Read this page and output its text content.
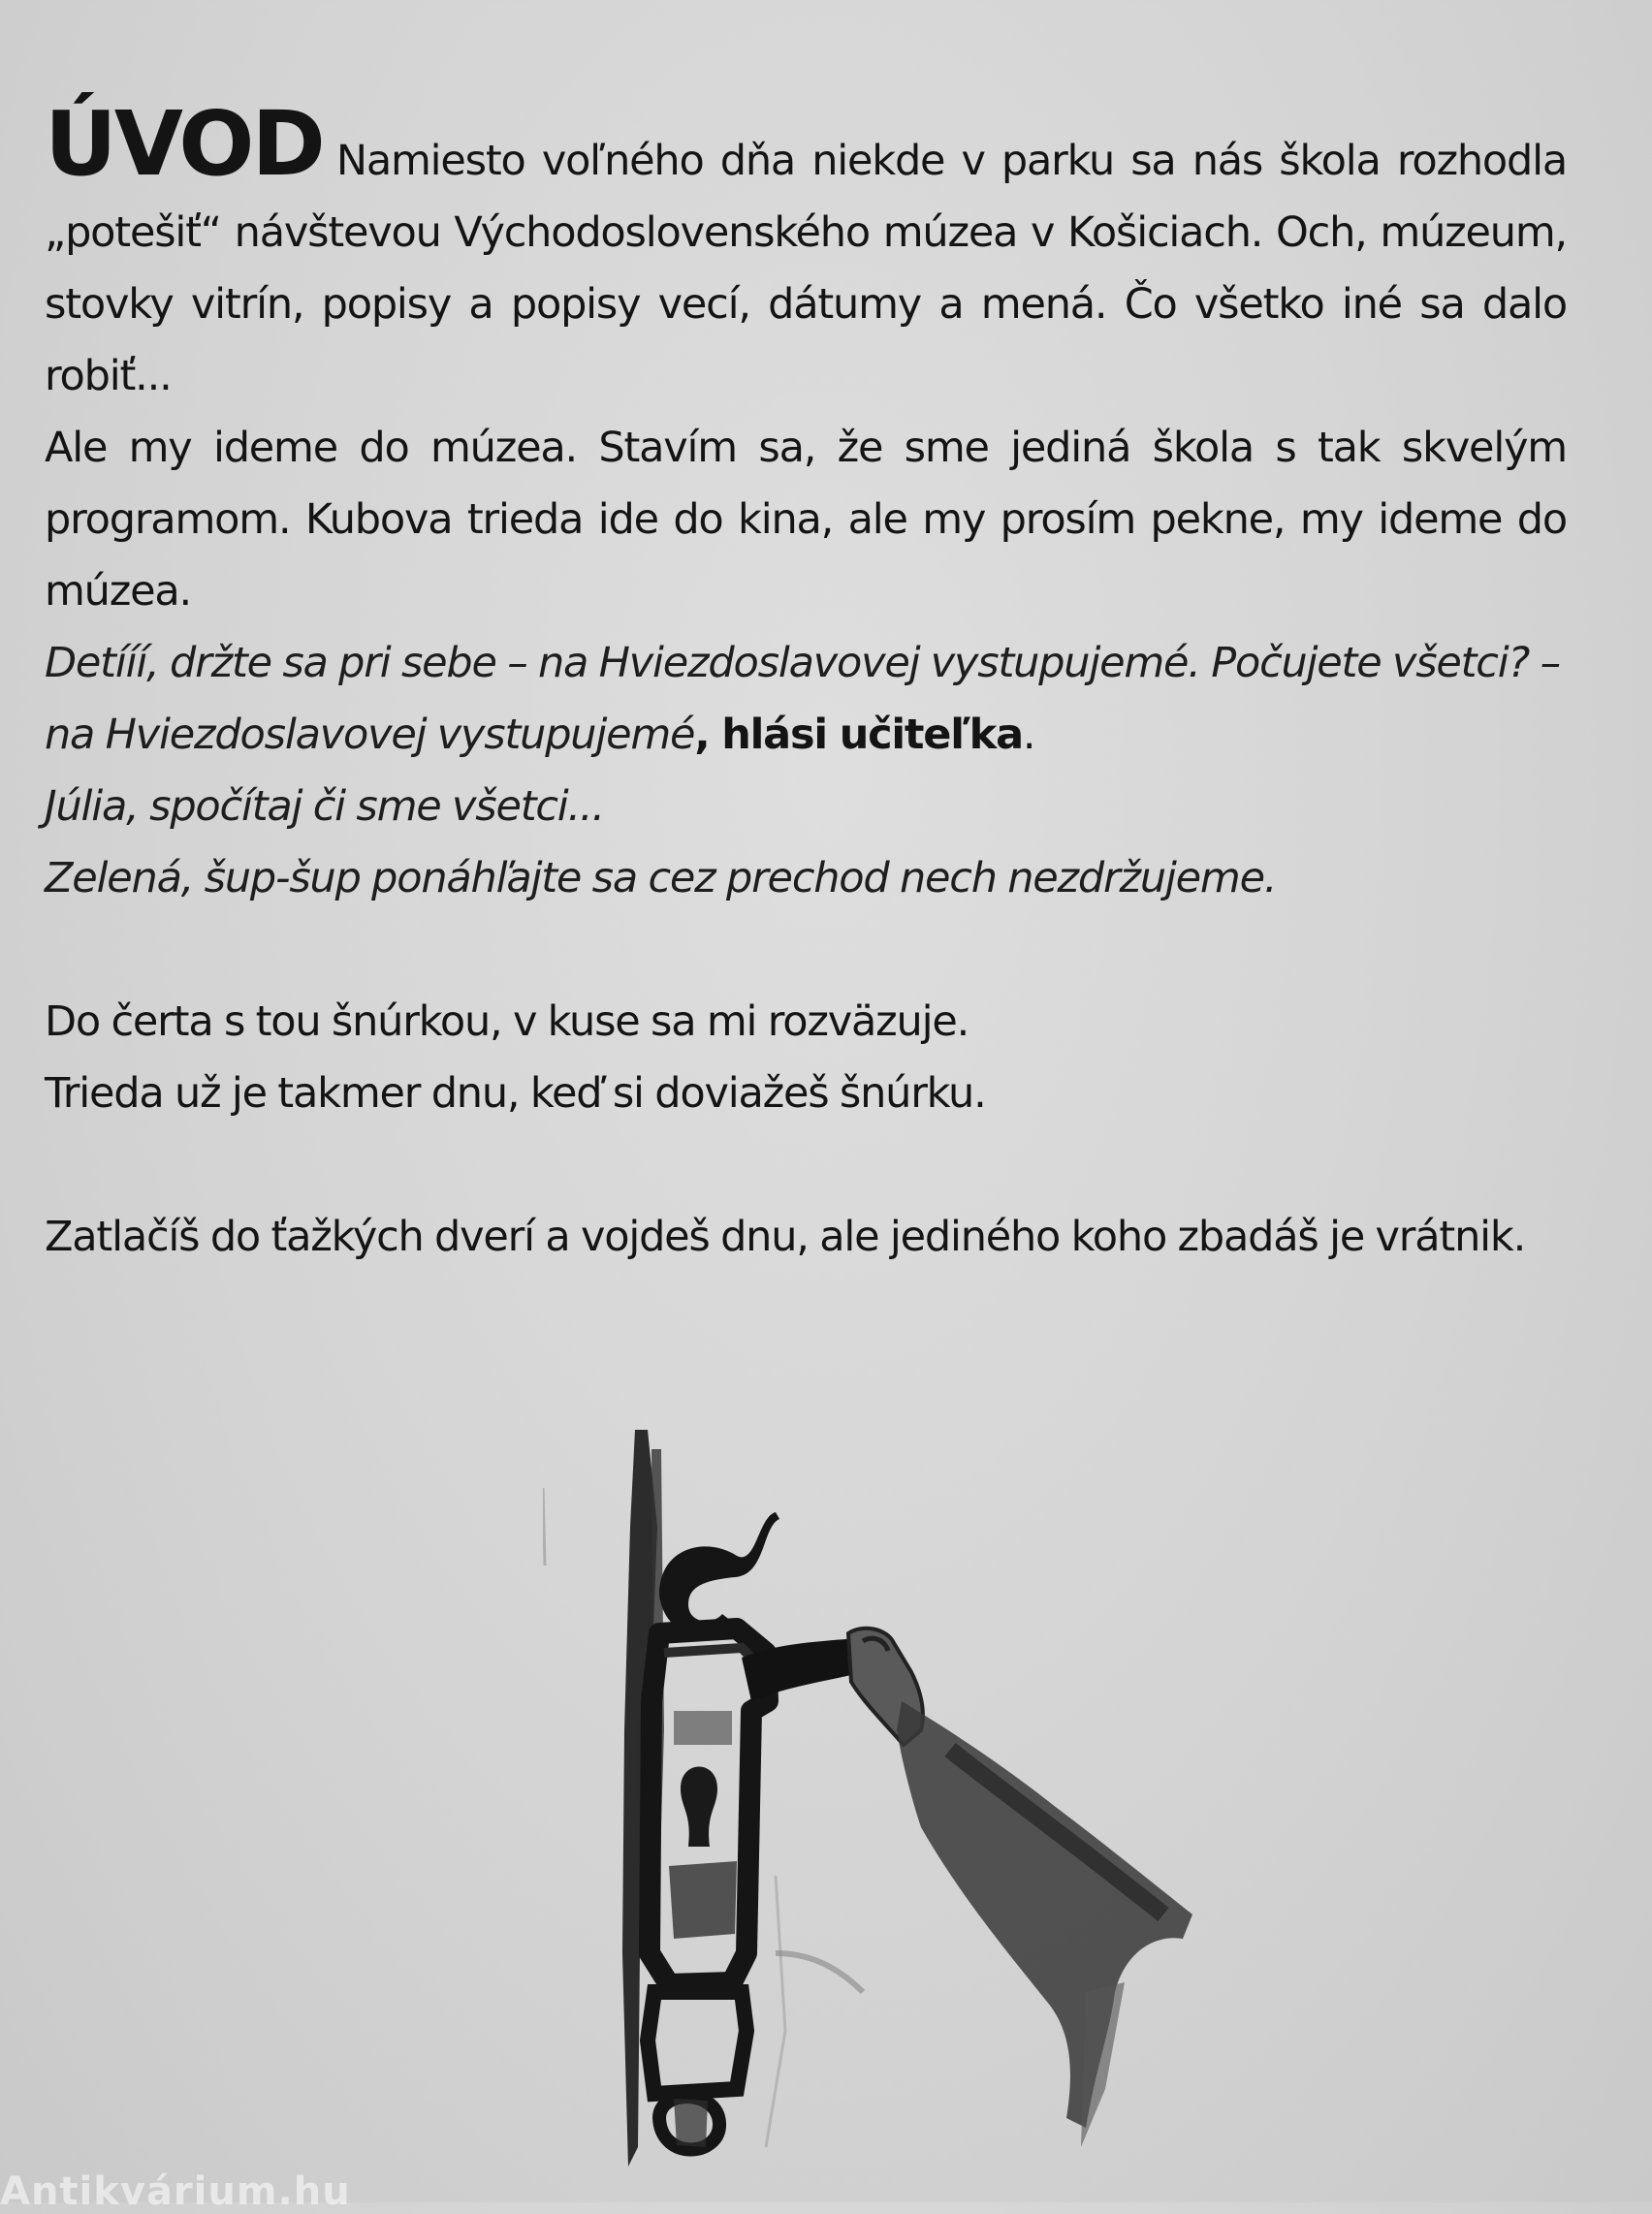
ÚVOD Namiesto voľného dňa niekde v parku sa nás škola rozhodla „potešiť“ návštevou Východoslovenského múzea v Košiciach. Och, múzeum, stovky vitrín, popisy a popisy vecí, dátumy a mená. Čo všetko iné sa dalo robiť...

Ale my ideme do múzea. Stavím sa, že sme jediná škola s tak skvelým programom. Kubova trieda ide do kina, ale my prosím pekne, my ideme do múzea.

Detííí, držte sa pri sebe – na Hviezdoslavovej vystupujemé. Počujete všetci? – na Hviezdoslavovej vystupujemé, hlási učiteľka.

Júlia, spočítaj či sme všetci...

Zelená, šup-šup ponáhľajte sa cez prechod nech nezdržujeme.

Do čerta s tou šnúrkou, v kuse sa mi rozväzuje.

Trieda už je takmer dnu, keď si doviažeš šnúrku.

Zatlačíš do ťažkých dverí a vojdeš dnu, ale jediného koho zbadáš je vrátnik.

Antikvárium.hu
